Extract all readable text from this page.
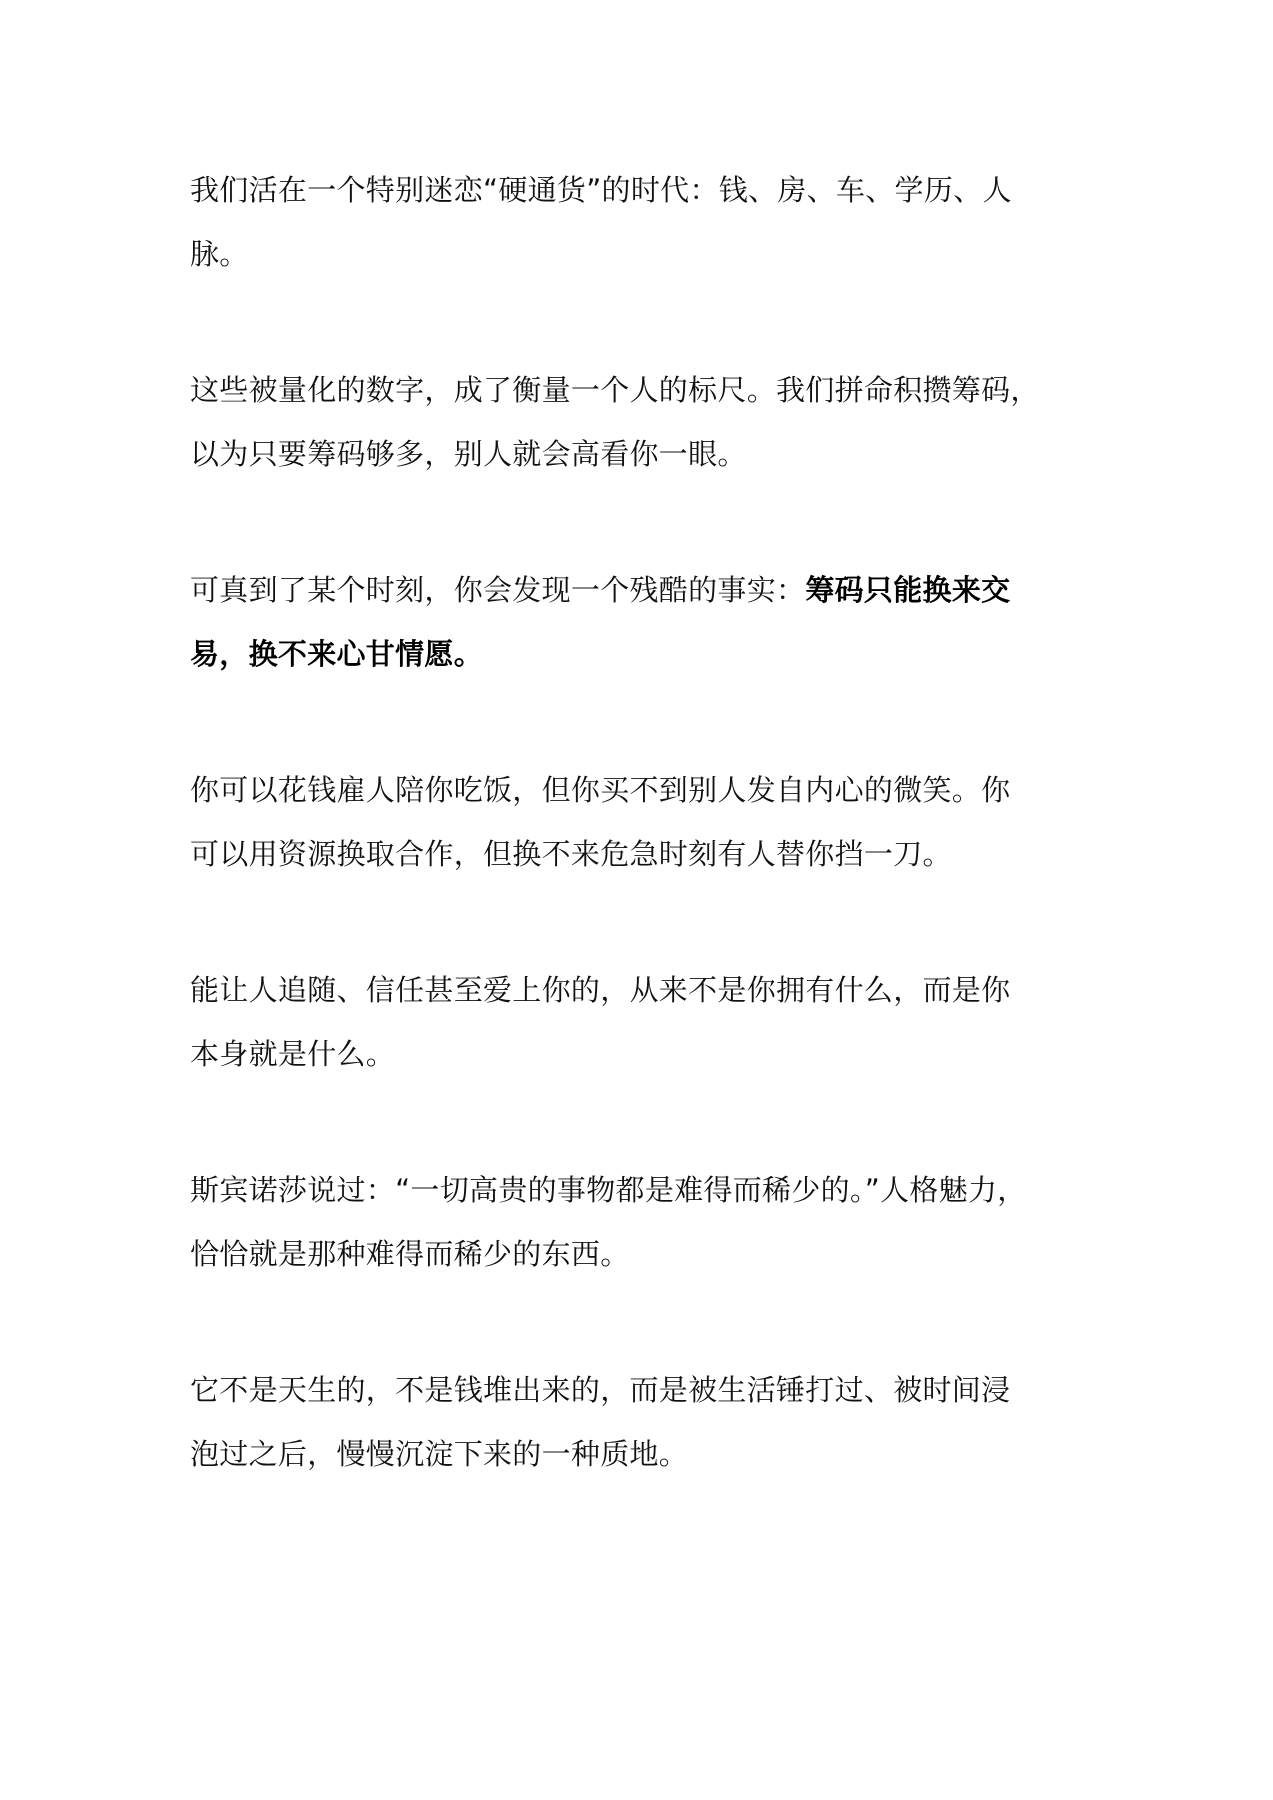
我们活在一个特别迷恋“硬通货”的时代：钱、房、车、学历、人
脉。

这些被量化的数字，成了衡量一个人的标尺。我们拼命积攒筹码，
以为只要筹码够多，别人就会高看你一眼。

可真到了某个时刻，你会发现一个残酷的事实：筹码只能换来交
易，换不来心甘情愿。

你可以花钱雇人陪你吃饭，但你买不到别人发自内心的微笑。你
可以用资源换取合作，但换不来危急时刻有人替你挡一刀。

能让人追随、信任甚至爱上你的，从来不是你拥有什么，而是你
本身就是什么。

斯宾诺莎说过：“一切高贵的事物都是难得而稀少的。”人格魅力，
恰恰就是那种难得而稀少的东西。

它不是天生的，不是钱堆出来的，而是被生活锤打过、被时间浸
泡过之后，慢慢沉淀下来的一种质地。
